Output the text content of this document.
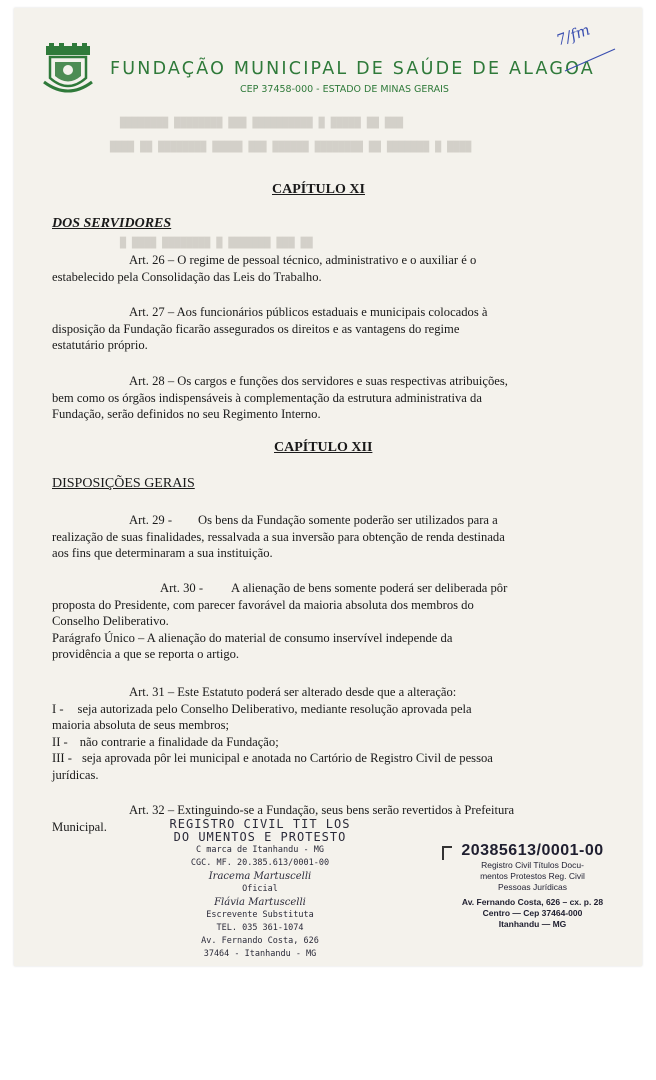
████████ ████████ ███ ██████████ █ █████ ██ ███
████ ██ ████████ █████ ███ ██████ ████████ ██ ███████ █ ████
█ ████ ████████ █ ███████ ███ ██
FUNDAÇÃO MUNICIPAL DE SAÚDE DE ALAGOA
CEP 37458-000 - ESTADO DE MINAS GERAIS
7/fm
CAPÍTULO XI
DOS SERVIDORES
Art. 26 – O regime de pessoal técnico, administrativo e o auxiliar é o
estabelecido pela Consolidação das Leis do Trabalho.
Art. 27 – Aos funcionários públicos estaduais e municipais colocados à
disposição da Fundação ficarão assegurados os direitos e as vantagens do regime
estatutário próprio.
Art. 28 – Os cargos e funções dos servidores e suas respectivas atribuições,
bem como os órgãos indispensáveis à complementação da estrutura administrativa da
Fundação, serão definidos no seu Regimento Interno.
CAPÍTULO XII
DISPOSIÇÕES GERAIS
Art. 29 - Os bens da Fundação somente poderão ser utilizados para a
realização de suas finalidades, ressalvada a sua inversão para obtenção de renda destinada
aos fins que determinaram a sua instituição.
Art. 30 - A alienação de bens somente poderá ser deliberada pôr
proposta do Presidente, com parecer favorável da maioria absoluta dos membros do
Conselho Deliberativo.
Parágrafo Único – A alienação do material de consumo inservível independe da
providência a que se reporta o artigo.
Art. 31 – Este Estatuto poderá ser alterado desde que a alteração:
I - seja autorizada pelo Conselho Deliberativo, mediante resolução aprovada pela
maioria absoluta de seus membros;
II - não contrarie a finalidade da Fundação;
III - seja aprovada pôr lei municipal e anotada no Cartório de Registro Civil de pessoa
jurídicas.
Art. 32 – Extinguindo-se a Fundação, seus bens serão revertidos à Prefeitura
Municipal.	REGISTRO CIVIL TIT LOS
DO UMENTOS E PROTESTO
C marca de Itanhandu - MG
CGC. MF. 20.385.613/0001-00
Iracema Martuscelli
Oficial
Flávia Martuscelli
Escrevente Substituta
TEL. 035 361-1074
Av. Fernando Costa, 626
37464 - Itanhandu - MG
20385613/0001-00
Registro Civil Títulos Docu-
mentos Protestos Reg. Civil
Pessoas Jurídicas
Av. Fernando Costa, 626 – cx. p. 28
Centro — Cep 37464-000
Itanhandu — MG
